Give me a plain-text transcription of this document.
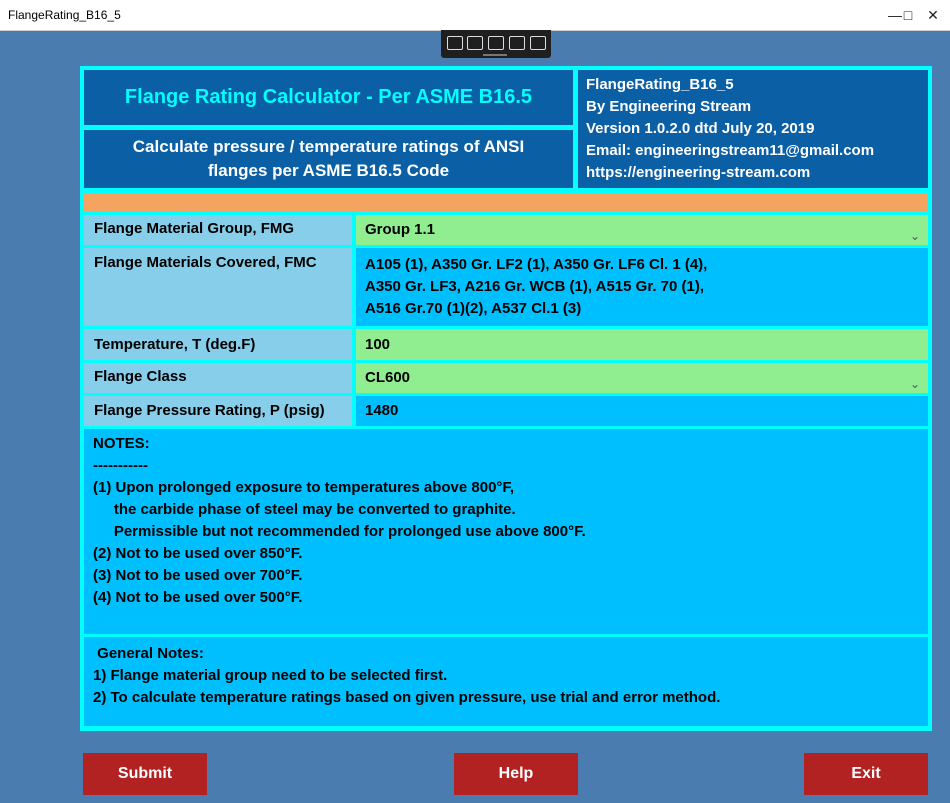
FlangeRating_B16_5	— □	✕
Flange Rating Calculator - Per ASME B16.5
Calculate pressure / temperature ratings of ANSI
flanges per ASME B16.5 Code
FlangeRating_B16_5
By Engineering Stream
Version 1.0.2.0 dtd July 20, 2019
Email: engineeringstream11@gmail.com
https://engineering-stream.com
Flange Material Group, FMG	Group 1.1	⌄
Flange Materials Covered, FMC	A105 (1), A350 Gr. LF2 (1), A350 Gr. LF6 Cl. 1 (4),
A350 Gr. LF3, A216 Gr. WCB (1), A515 Gr. 70 (1),
A516 Gr.70 (1)(2), A537 Cl.1 (3)
Temperature, T (deg.F)	100
Flange Class	CL600	⌄
Flange Pressure Rating, P (psig)	1480
NOTES:
-----------
(1) Upon prolonged exposure to temperatures above 800°F,
the carbide phase of steel may be converted to graphite.
Permissible but not recommended for prolonged use above 800°F.
(2) Not to be used over 850°F.
(3) Not to be used over 700°F.
(4) Not to be used over 500°F.
General Notes:
1) Flange material group need to be selected first.
2) To calculate temperature ratings based on given pressure, use trial and error method.
Submit	Help	Exit
